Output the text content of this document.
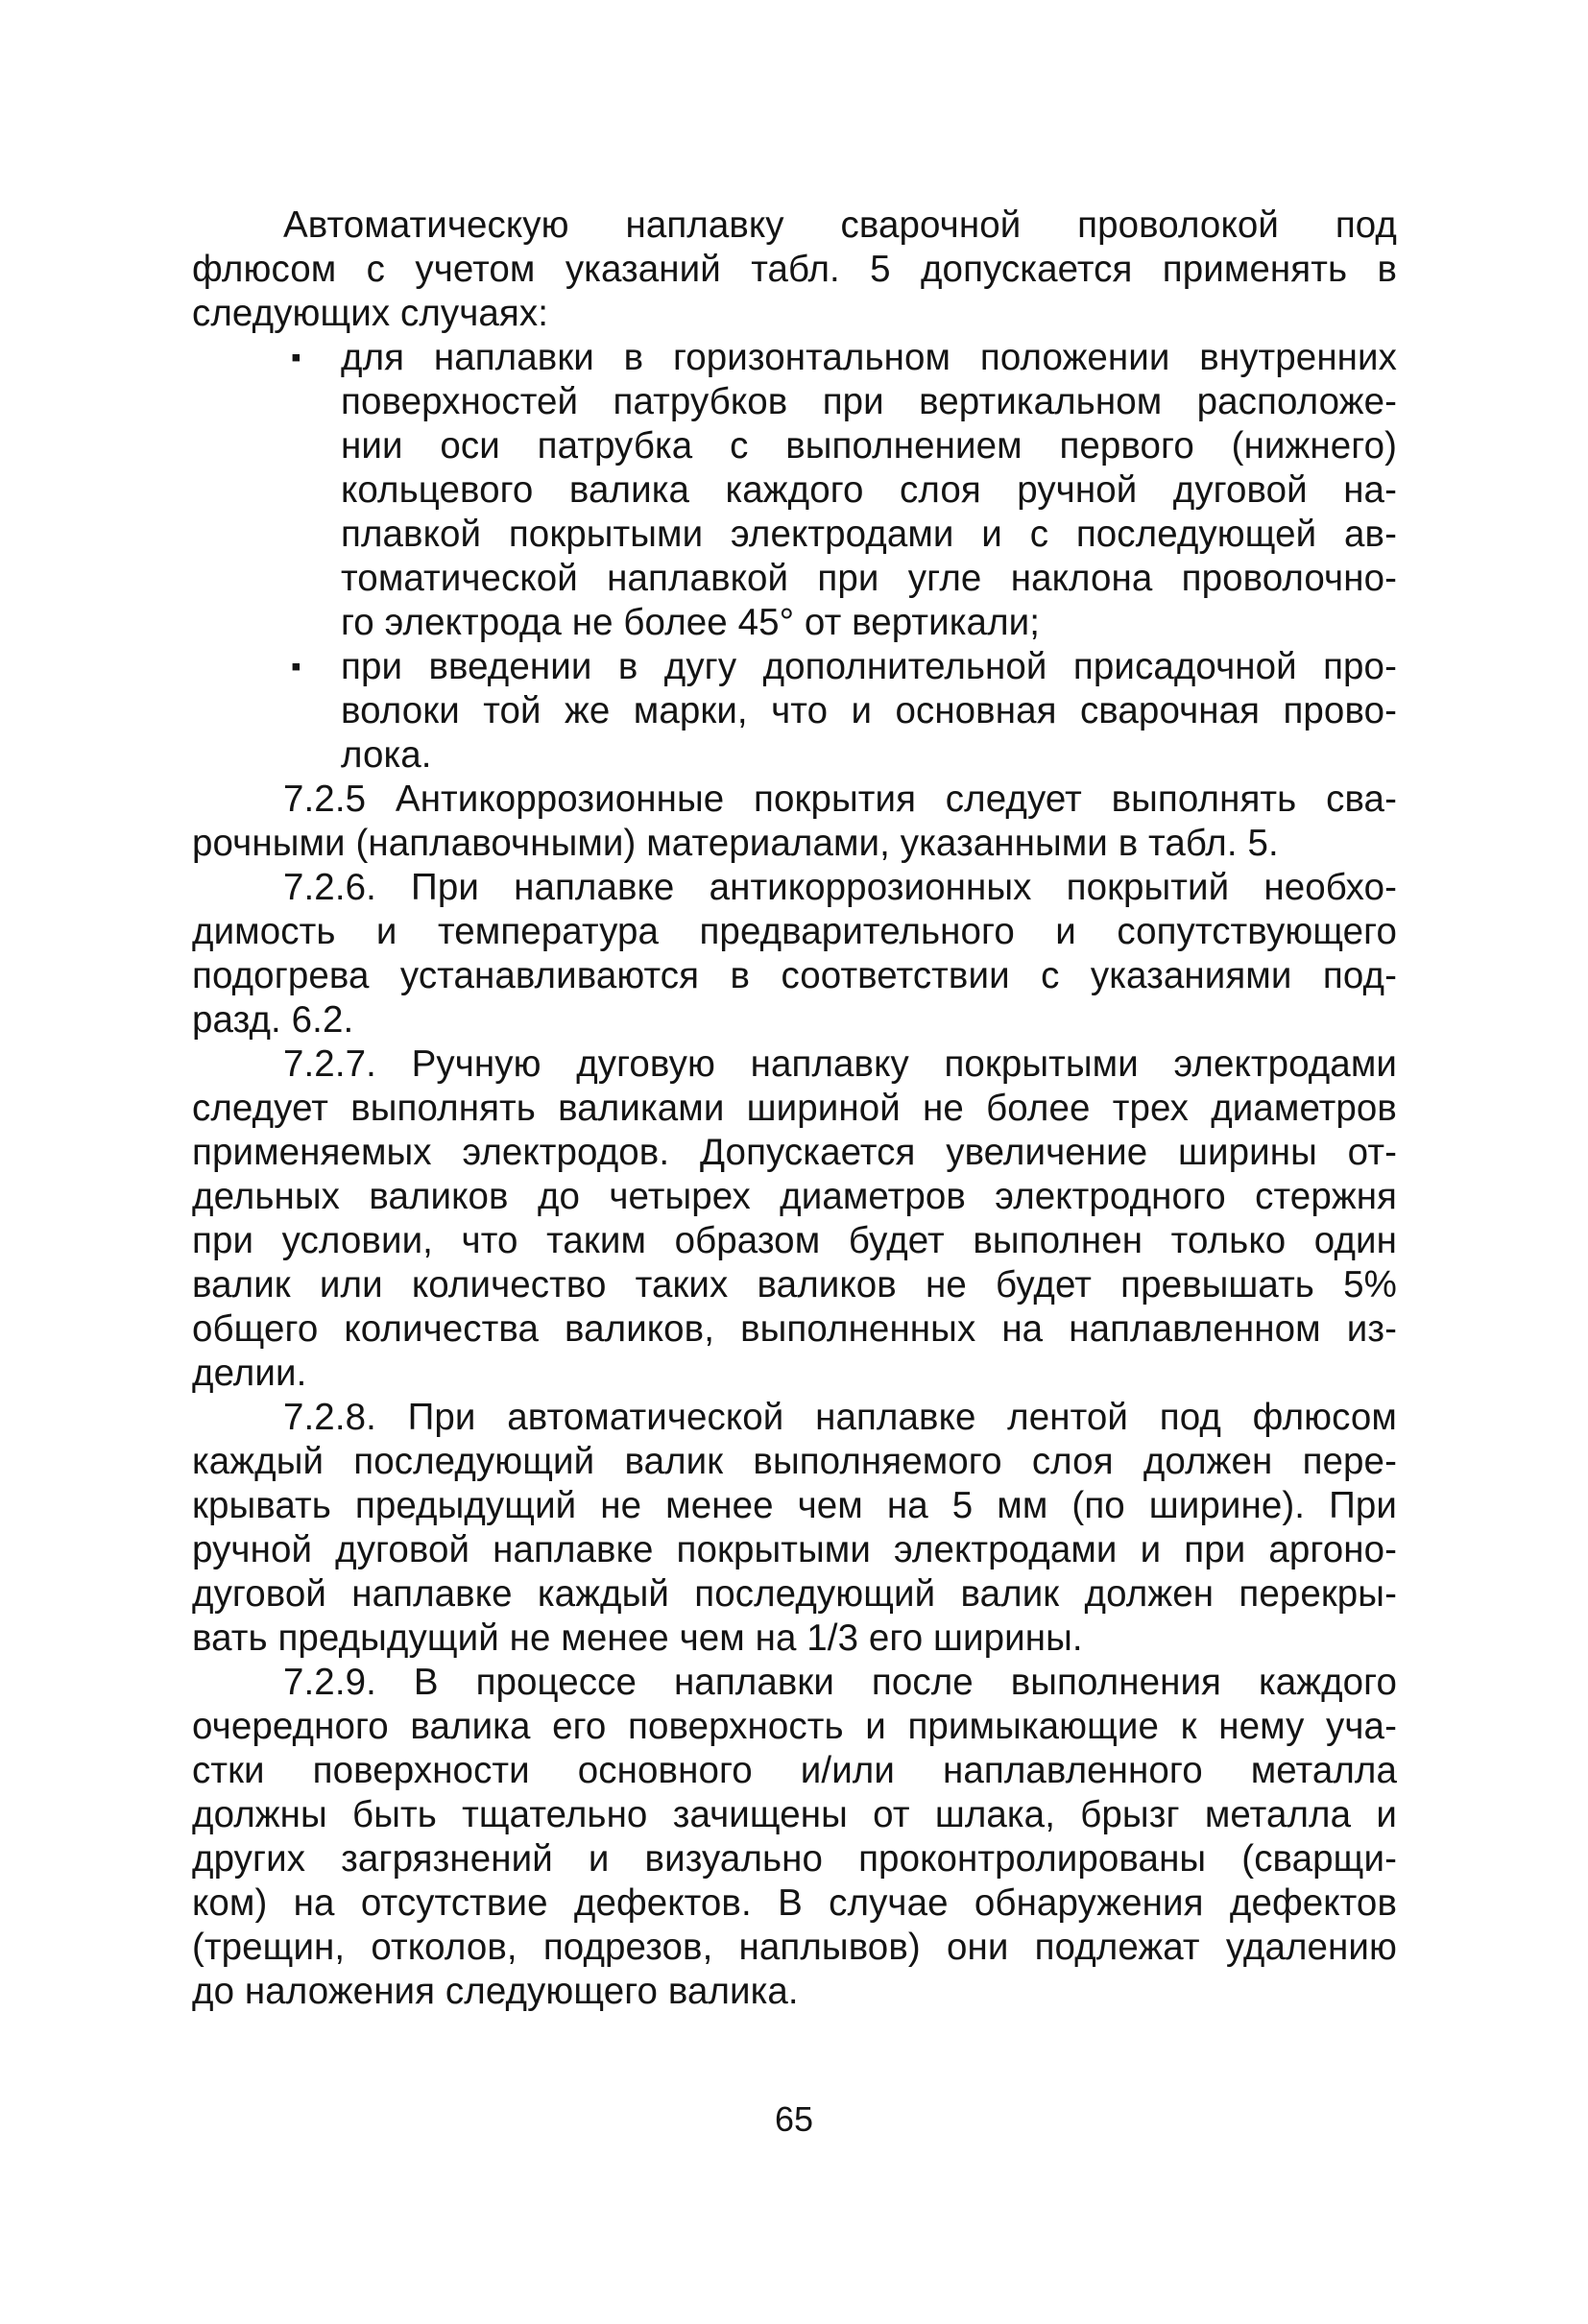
Автоматическую наплавку сварочной проволокой под
флюсом с учетом указаний табл. 5 допускается применять в
следующих случаях:
▪ для наплавки в горизонтальном положении внутренних
поверхностей патрубков при вертикальном расположе-
нии оси патрубка с выполнением первого (нижнего)
кольцевого валика каждого слоя ручной дуговой на-
плавкой покрытыми электродами и с последующей ав-
томатической наплавкой при угле наклона проволочно-
го электрода не более 45° от вертикали;
▪ при введении в дугу дополнительной присадочной про-
волоки той же марки, что и основная сварочная прово-
лока.
7.2.5 Антикоррозионные покрытия следует выполнять сва-
рочными (наплавочными) материалами, указанными в табл. 5.
7.2.6. При наплавке антикоррозионных покрытий необхо-
димость и температура предварительного и сопутствующего
подогрева устанавливаются в соответствии с указаниями под-
разд. 6.2.
7.2.7. Ручную дуговую наплавку покрытыми электродами
следует выполнять валиками шириной не более трех диаметров
применяемых электродов. Допускается увеличение ширины от-
дельных валиков до четырех диаметров электродного стержня
при условии, что таким образом будет выполнен только один
валик или количество таких валиков не будет превышать 5%
общего количества валиков, выполненных на наплавленном из-
делии.
7.2.8. При автоматической наплавке лентой под флюсом
каждый последующий валик выполняемого слоя должен пере-
крывать предыдущий не менее чем на 5 мм (по ширине). При
ручной дуговой наплавке покрытыми электродами и при аргоно-
дуговой наплавке каждый последующий валик должен перекры-
вать предыдущий не менее чем на 1/3 его ширины.
7.2.9. В процессе наплавки после выполнения каждого
очередного валика его поверхность и примыкающие к нему уча-
стки поверхности основного и/или наплавленного металла
должны быть тщательно зачищены от шлака, брызг металла и
других загрязнений и визуально проконтролированы (сварщи-
ком) на отсутствие дефектов. В случае обнаружения дефектов
(трещин, отколов, подрезов, наплывов) они подлежат удалению
до наложения следующего валика.
65
